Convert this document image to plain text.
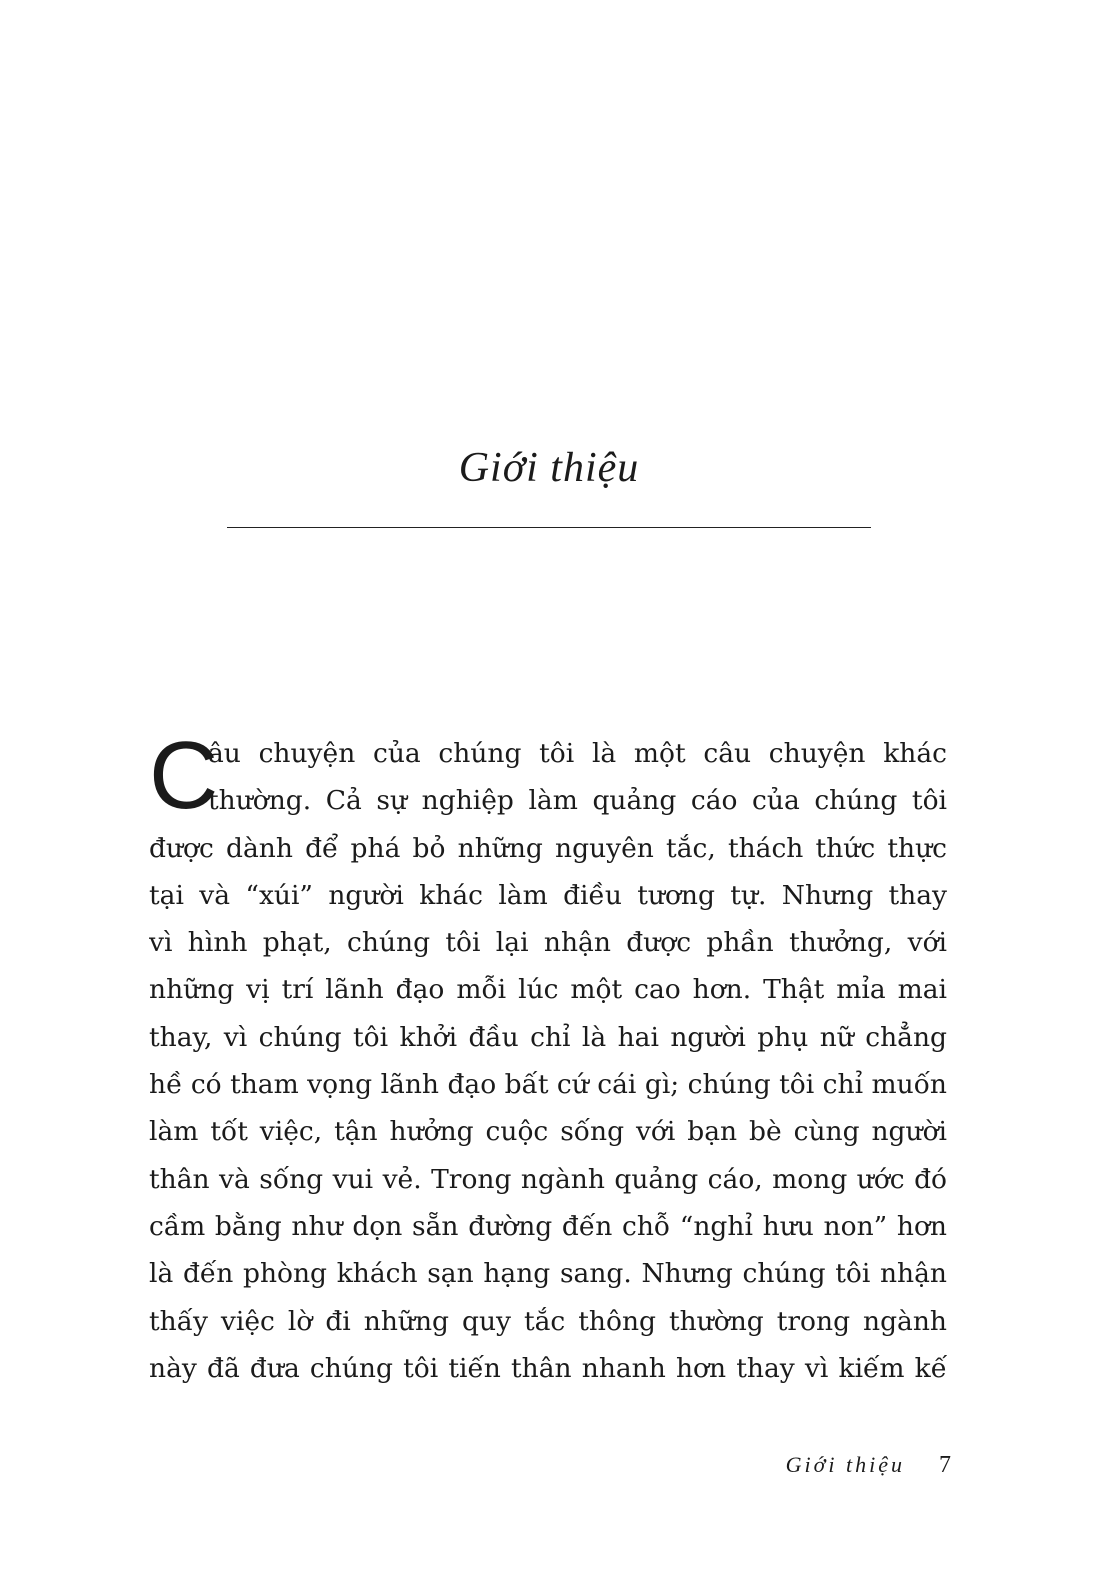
Giới thiệu
C
âu chuyện của chúng tôi là một câu chuyện khác
thường. Cả sự nghiệp làm quảng cáo của chúng tôi
được dành để phá bỏ những nguyên tắc, thách thức thực
tại và “xúi” người khác làm điều tương tự. Nhưng thay
vì hình phạt, chúng tôi lại nhận được phần thưởng, với
những vị trí lãnh đạo mỗi lúc một cao hơn. Thật mỉa mai
thay, vì chúng tôi khởi đầu chỉ là hai người phụ nữ chẳng
hề có tham vọng lãnh đạo bất cứ cái gì; chúng tôi chỉ muốn
làm tốt việc, tận hưởng cuộc sống với bạn bè cùng người
thân và sống vui vẻ. Trong ngành quảng cáo, mong ước đó
cầm bằng như dọn sẵn đường đến chỗ “nghỉ hưu non” hơn
là đến phòng khách sạn hạng sang. Nhưng chúng tôi nhận
thấy việc lờ đi những quy tắc thông thường trong ngành
này đã đưa chúng tôi tiến thân nhanh hơn thay vì kiếm kế
Giới thiệu 7
